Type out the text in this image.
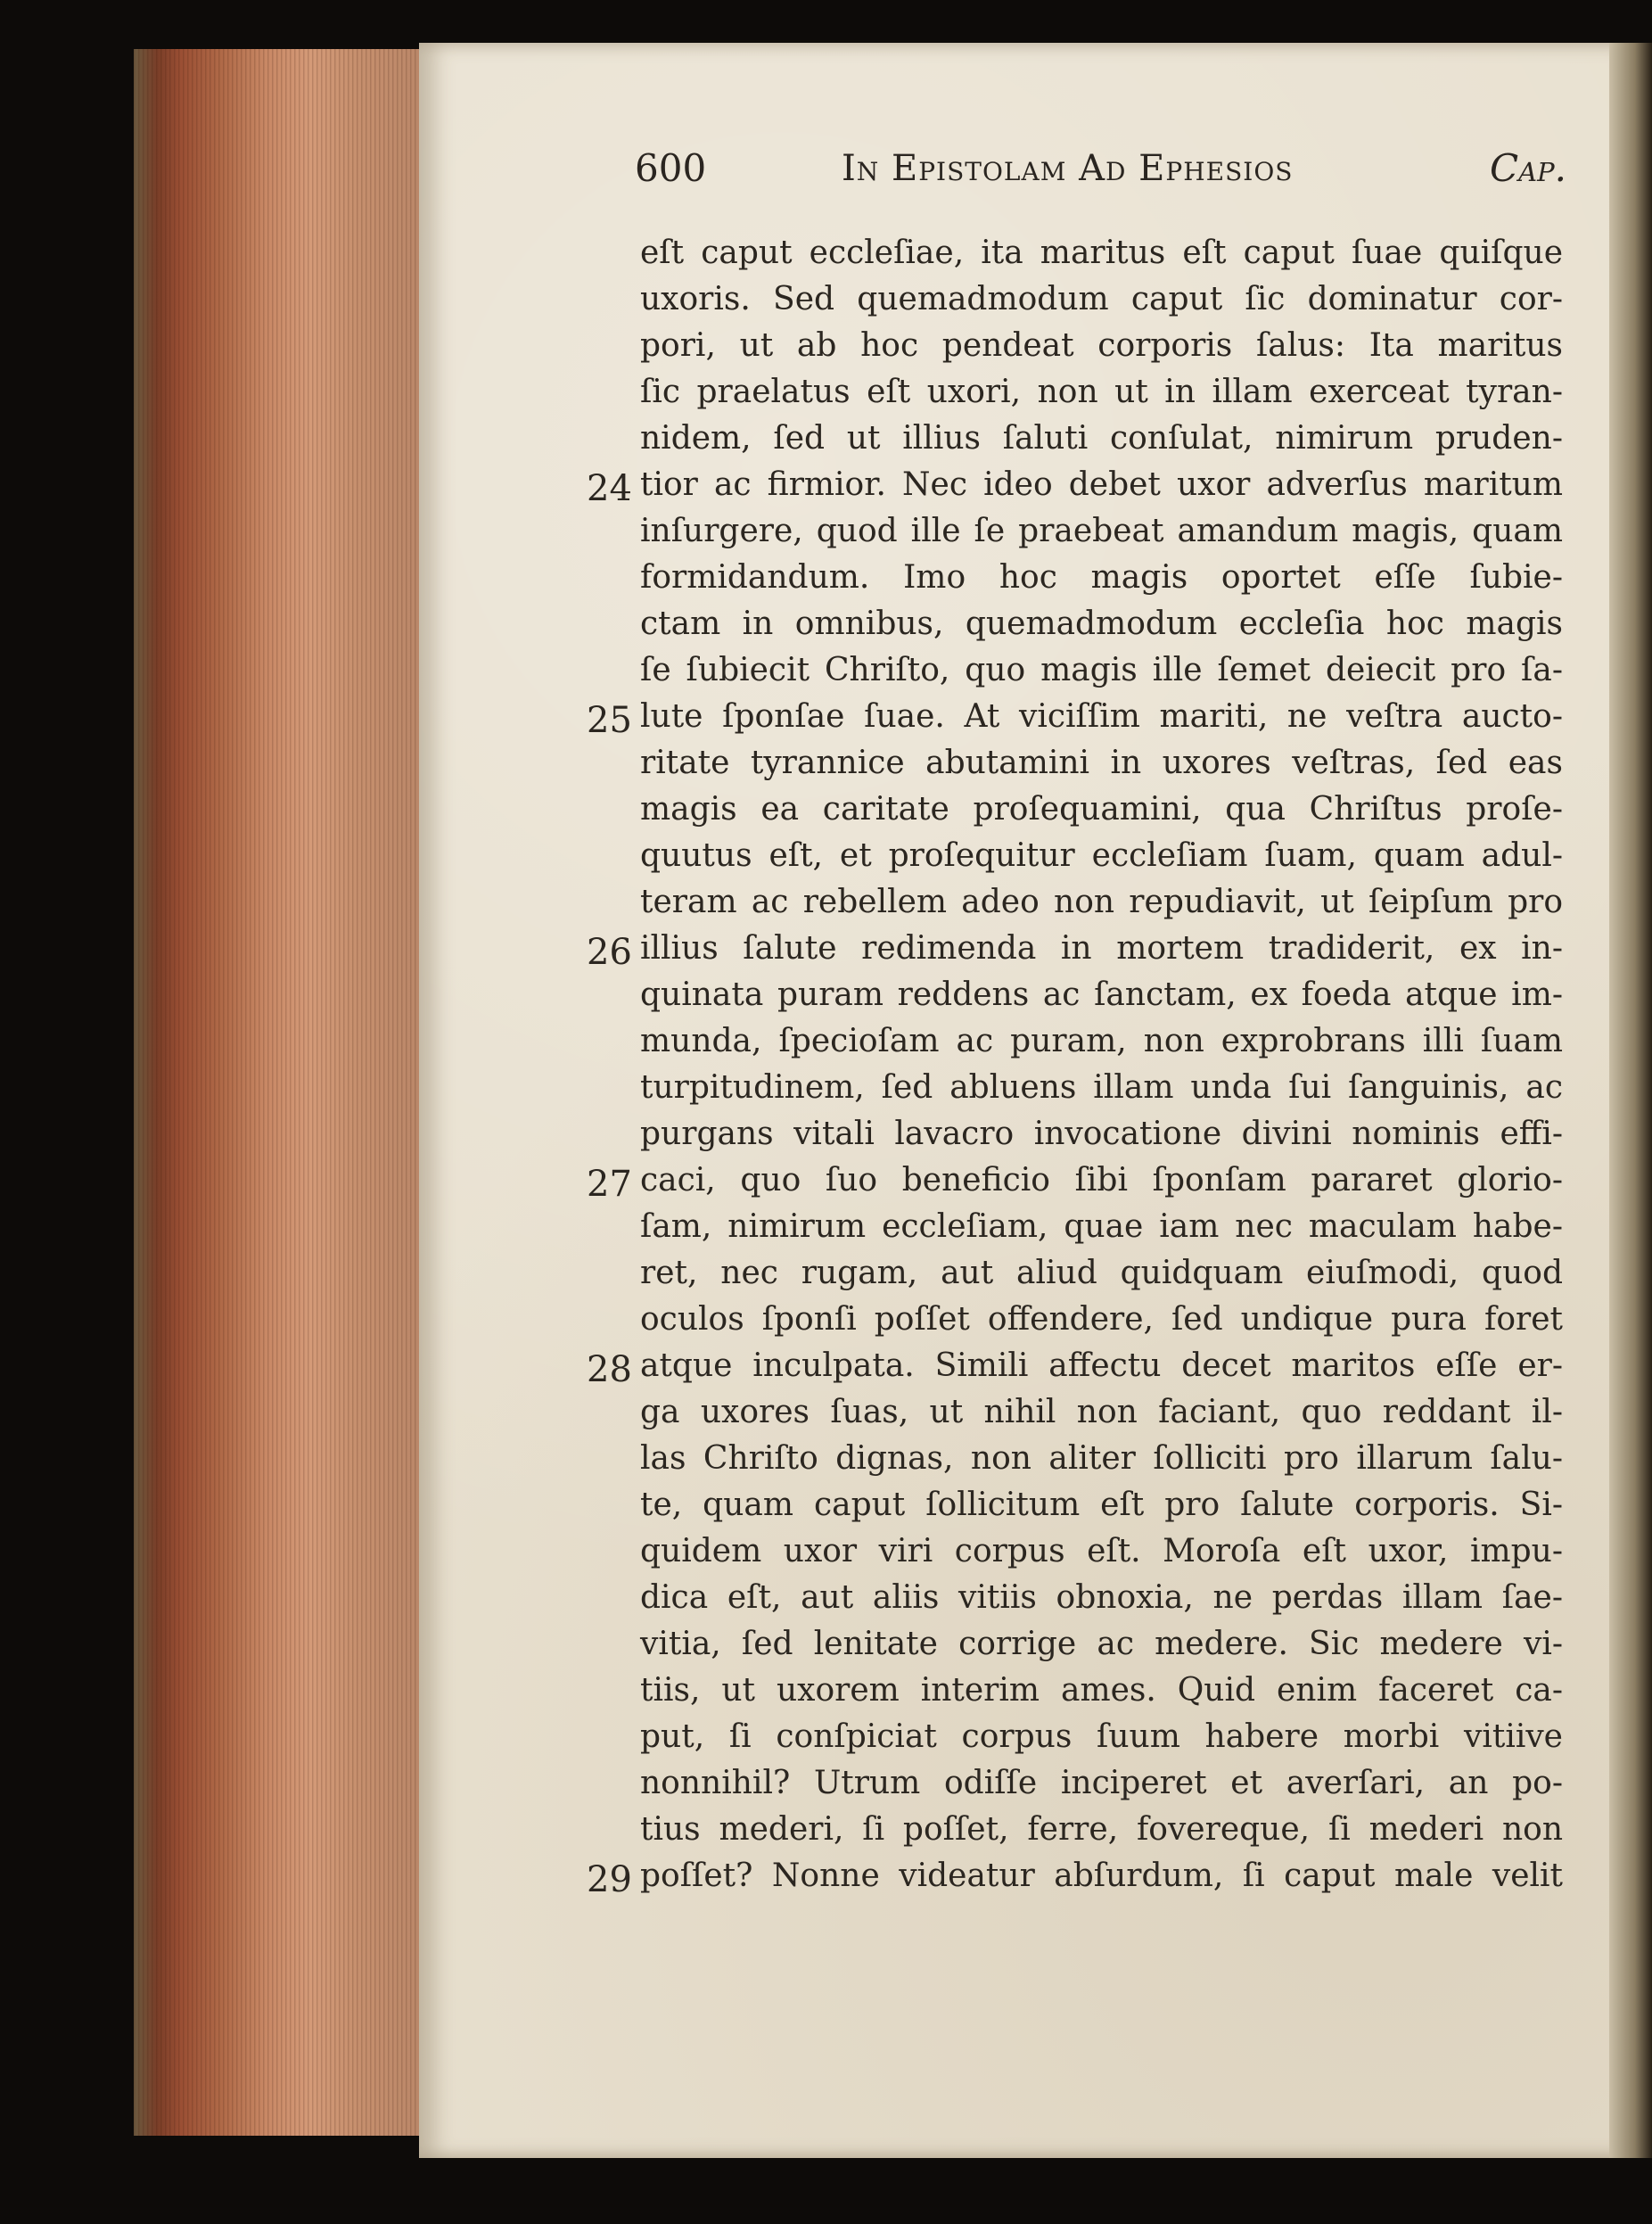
600	In Epistolam Ad Ephesios	Cap.
eſt caput eccleſiae, ita maritus eſt caput ſuae quiſque
uxoris. Sed quemadmodum caput ſic dominatur cor-
pori, ut ab hoc pendeat corporis ſalus: Ita maritus
ſic praelatus eſt uxori, non ut in illam exerceat tyran-
nidem, ſed ut illius ſaluti conſulat, nimirum pruden-
24 tior ac firmior. Nec ideo debet uxor adverſus maritum
inſurgere, quod ille ſe praebeat amandum magis, quam
formidandum. Imo hoc magis oportet eſſe ſubie-
ctam in omnibus, quemadmodum eccleſia hoc magis
ſe ſubiecit Chriſto, quo magis ille ſemet deiecit pro ſa-
25 lute ſponſae ſuae. At viciſſim mariti, ne veſtra aucto-
ritate tyrannice abutamini in uxores veſtras, ſed eas
magis ea caritate proſequamini, qua Chriſtus proſe-
quutus eſt, et proſequitur eccleſiam ſuam, quam adul-
teram ac rebellem adeo non repudiavit, ut ſeipſum pro
26 illius ſalute redimenda in mortem tradiderit, ex in-
quinata puram reddens ac ſanctam, ex foeda atque im-
munda, ſpecioſam ac puram, non exprobrans illi ſuam
turpitudinem, ſed abluens illam unda ſui ſanguinis, ac
purgans vitali lavacro invocatione divini nominis effi-
27 caci, quo ſuo beneficio ſibi ſponſam pararet glorio-
ſam, nimirum eccleſiam, quae iam nec maculam habe-
ret, nec rugam, aut aliud quidquam eiuſmodi, quod
oculos ſponſi poſſet offendere, ſed undique pura foret
28 atque inculpata. Simili affectu decet maritos eſſe er-
ga uxores ſuas, ut nihil non faciant, quo reddant il-
las Chriſto dignas, non aliter ſolliciti pro illarum ſalu-
te, quam caput ſollicitum eſt pro ſalute corporis. Si-
quidem uxor viri corpus eſt. Moroſa eſt uxor, impu-
dica eſt, aut aliis vitiis obnoxia, ne perdas illam ſae-
vitia, ſed lenitate corrige ac medere. Sic medere vi-
tiis, ut uxorem interim ames. Quid enim faceret ca-
put, ſi conſpiciat corpus ſuum habere morbi vitiive
nonnihil? Utrum odiſſe inciperet et averſari, an po-
tius mederi, ſi poſſet, ferre, fovereque, ſi mederi non
29 poſſet? Nonne videatur abſurdum, ſi caput male velit
